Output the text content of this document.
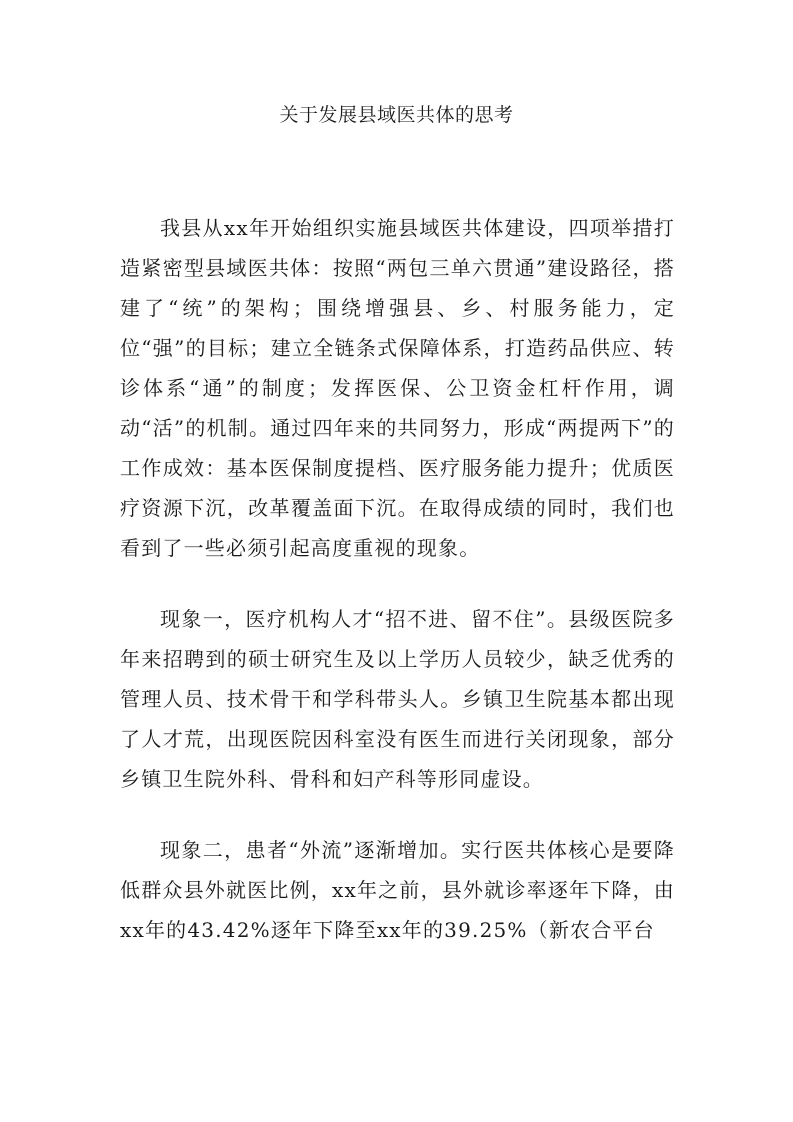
关于发展县域医共体的思考

我县从xx年开始组织实施县域医共体建设，四项举措打造紧密型县域医共体：按照“两包三单六贯通”建设路径，搭建了“统”的架构；围绕增强县、乡、村服务能力，定位“强”的目标；建立全链条式保障体系，打造药品供应、转诊体系“通”的制度；发挥医保、公卫资金杠杆作用，调动“活”的机制。通过四年来的共同努力，形成“两提两下”的工作成效：基本医保制度提档、医疗服务能力提升；优质医疗资源下沉，改革覆盖面下沉。在取得成绩的同时，我们也看到了一些必须引起高度重视的现象。

现象一，医疗机构人才“招不进、留不住”。县级医院多年来招聘到的硕士研究生及以上学历人员较少，缺乏优秀的管理人员、技术骨干和学科带头人。乡镇卫生院基本都出现了人才荒，出现医院因科室没有医生而进行关闭现象，部分乡镇卫生院外科、骨科和妇产科等形同虚设。

现象二，患者“外流”逐渐增加。实行医共体核心是要降低群众县外就医比例，xx年之前，县外就诊率逐年下降，由xx年的43.42%逐年下降至xx年的39.25%（新农合平台
